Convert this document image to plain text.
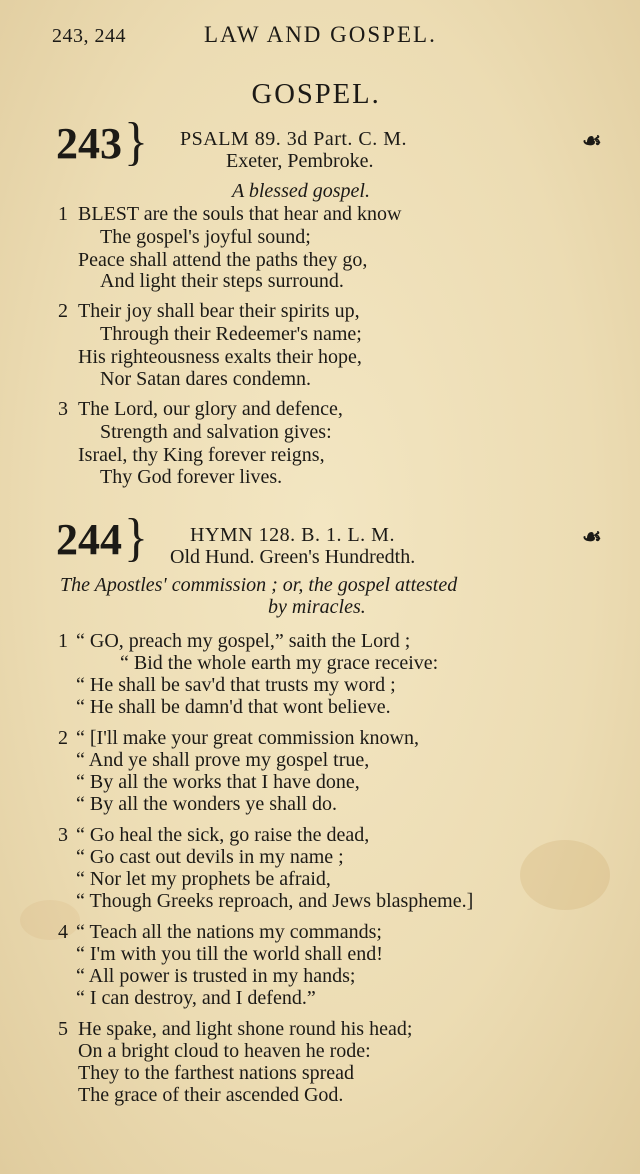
243, 244	LAW AND GOSPEL.
GOSPEL.
243 } PSALM 89. 3d Part. C. M.
Exeter, Pembroke.
☙
A blessed gospel.
1 BLEST are the souls that hear and know
The gospel's joyful sound;
Peace shall attend the paths they go,
And light their steps surround.
2 Their joy shall bear their spirits up,
Through their Redeemer's name;
His righteousness exalts their hope,
Nor Satan dares condemn.
3 The Lord, our glory and defence,
Strength and salvation gives:
Israel, thy King forever reigns,
Thy God forever lives.
244 } HYMN 128. B. 1. L. M.
Old Hund. Green's Hundredth.
☙
The Apostles' commission ; or, the gospel attested
by miracles.
1 “ GO, preach my gospel,” saith the Lord ;
“ Bid the whole earth my grace receive:
“ He shall be sav'd that trusts my word ;
“ He shall be damn'd that wont believe.
2 “ [I'll make your great commission known,
“ And ye shall prove my gospel true,
“ By all the works that I have done,
“ By all the wonders ye shall do.
3 “ Go heal the sick, go raise the dead,
“ Go cast out devils in my name ;
“ Nor let my prophets be afraid,
“ Though Greeks reproach, and Jews blaspheme.]
4 “ Teach all the nations my commands;
“ I'm with you till the world shall end!
“ All power is trusted in my hands;
“ I can destroy, and I defend.”
5 He spake, and light shone round his head;
On a bright cloud to heaven he rode:
They to the farthest nations spread
The grace of their ascended God.
